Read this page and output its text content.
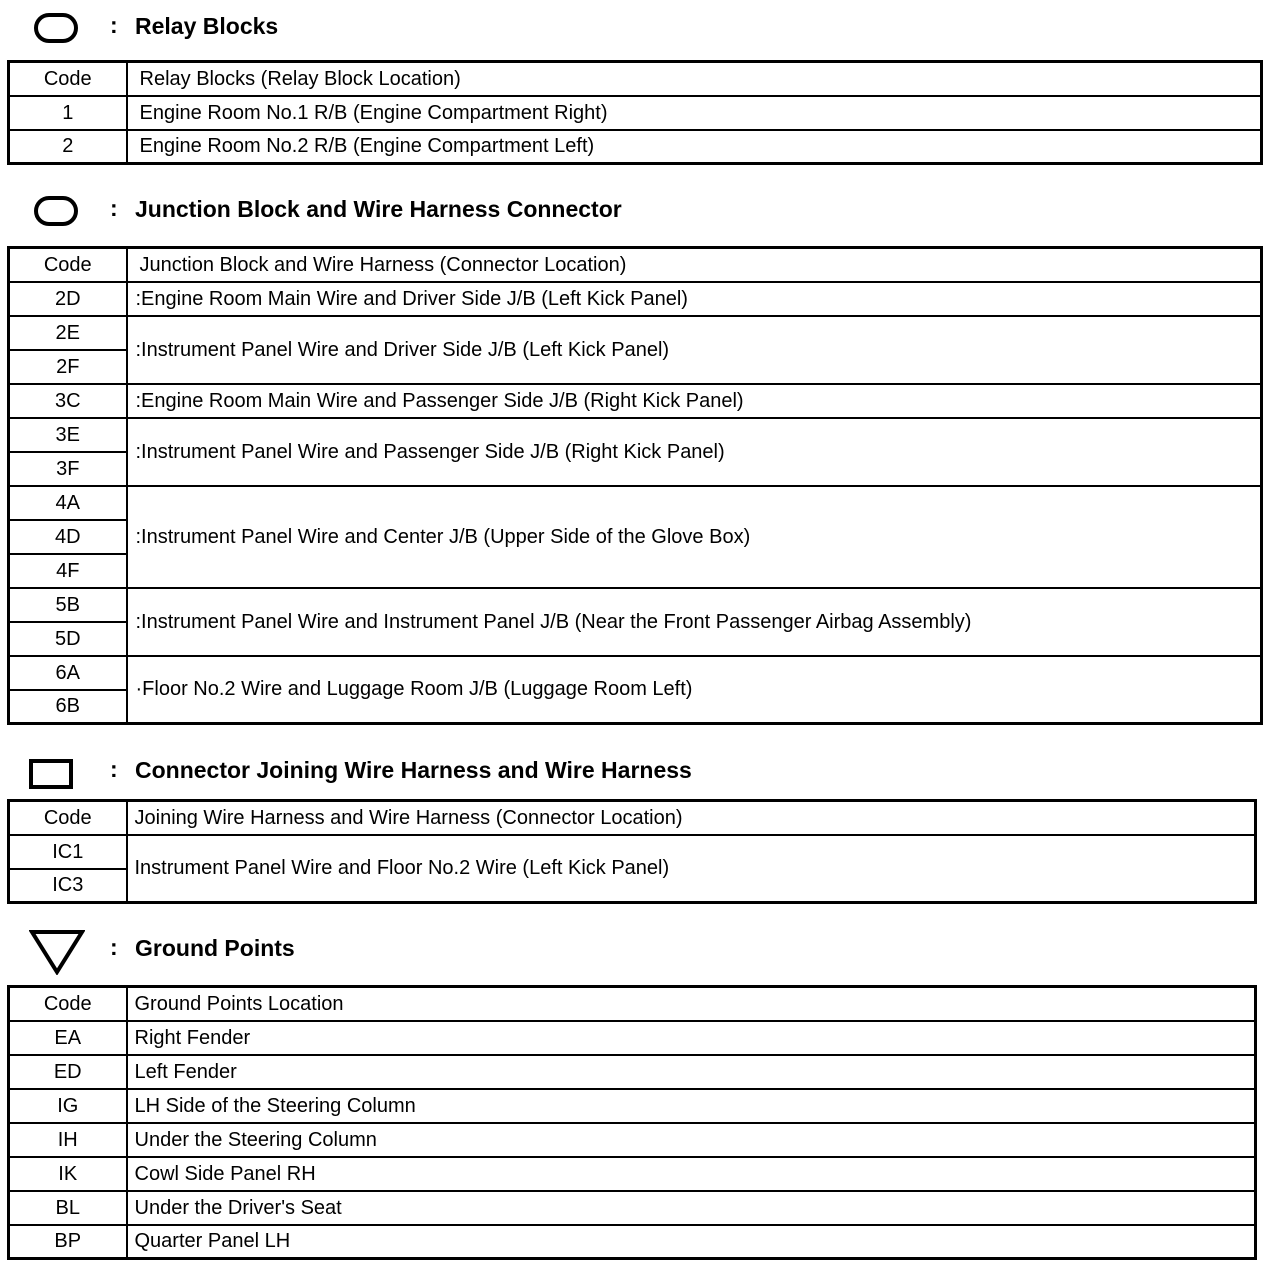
: Relay Blocks
Code	Relay Blocks (Relay Block Location)
1	Engine Room No.1 R/B (Engine Compartment Right)
2	Engine Room No.2 R/B (Engine Compartment Left)
: Junction Block and Wire Harness Connector
Code	Junction Block and Wire Harness (Connector Location)
2D	:Engine Room Main Wire and Driver Side J/B (Left Kick Panel)
2E	:Instrument Panel Wire and Driver Side J/B (Left Kick Panel)
2F	
3C	:Engine Room Main Wire and Passenger Side J/B (Right Kick Panel)
3E	:Instrument Panel Wire and Passenger Side J/B (Right Kick Panel)
3F	
4A	:Instrument Panel Wire and Center J/B (Upper Side of the Glove Box)
4D	
4F	
5B	:Instrument Panel Wire and Instrument Panel J/B (Near the Front Passenger Airbag Assembly)
5D	
6A	·Floor No.2 Wire and Luggage Room J/B (Luggage Room Left)
6B	
: Connector Joining Wire Harness and Wire Harness
Code	Joining Wire Harness and Wire Harness (Connector Location)
IC1	Instrument Panel Wire and Floor No.2 Wire (Left Kick Panel)
IC3	
: Ground Points
Code	Ground Points Location
EA	Right Fender
ED	Left Fender
IG	LH Side of the Steering Column
IH	Under the Steering Column
IK	Cowl Side Panel RH
BL	Under the Driver's Seat
BP	Quarter Panel LH
